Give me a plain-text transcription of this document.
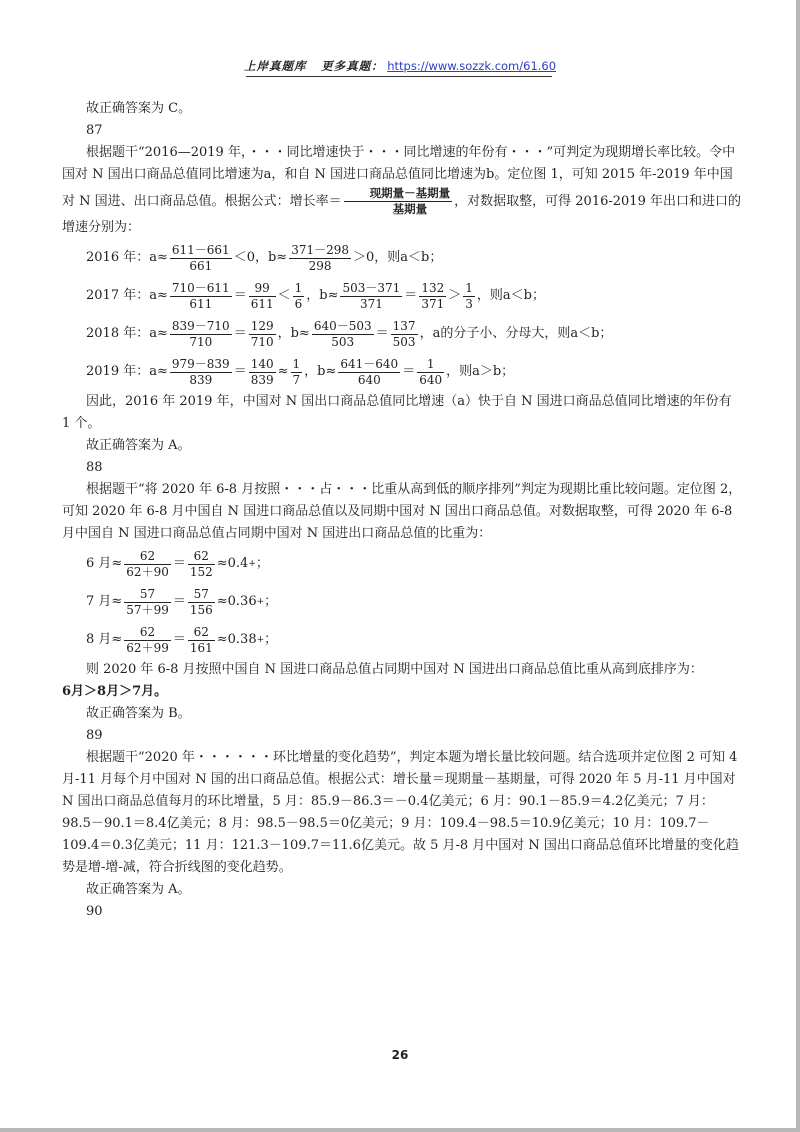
上岸真题库 更多真题： https://www.sozzk.com/61.60

故正确答案为 C。

87

根据题干“2016—2019 年，・・・同比增速快于・・・同比增速的年份有・・・”可判定为现期增长率比较。令中国对 N 国出口商品总值同比增速为a，和自 N 国进口商品总值同比增速为b。定位图 1，可知 2015 年-2019 年中国对 N 国进、出口商品总值。根据公式：增长率＝ $\frac{\text{现期量－基期量}}{\text{基期量}}$ ，对数据取整，可得 2016-2019 年出口和进口的增速分别为：

2016 年：$a\approx \frac{611-661}{661} <0$，$b\approx \frac{371-298}{298} >0$，则a＜b；
2017 年：$a\approx \frac{710-611}{611} = \frac{99}{611} < \frac{1}{6}$ ，$b\approx \frac{503-371}{371} = \frac{132}{371} > \frac{1}{3}$ ，则a＜b；
2018 年：$a\approx \frac{839-710}{710} = \frac{129}{710}$ ，$b\approx \frac{640-503}{503} = \frac{137}{503}$ ，a的分子小、分母大，则a＜b；
2019 年：$a\approx \frac{979-839}{839} = \frac{140}{839} \approx \frac{1}{7}$ ，$b\approx \frac{641-640}{640} = \frac{1}{640}$ ，则a＞b；

因此，2016 年 2019 年，中国对 N 国出口商品总值同比增速（a）快于自 N 国进口商品总值同比增速的年份有 1 个。

故正确答案为 A。

88

根据题干“将 2020 年 6-8 月按照・・・占・・・比重从高到低的顺序排列”判定为现期比重比较问题。定位图 2，可知 2020 年 6-8 月中国自 N 国进口商品总值以及同期中国对 N 国出口商品总值。对数据取整，可得 2020 年 6-8 月中国自 N 国进口商品总值占同期中国对 N 国进出口商品总值的比重为：

6 月≈ $\frac{62}{62+90} = \frac{62}{152} \approx 0.4$ + ；
7 月≈ $\frac{57}{57+99} = \frac{57}{156} \approx 0.36$ + ；
8 月≈ $\frac{62}{62+99} = \frac{62}{161} \approx 0.38$ + ；

则 2020 年 6-8 月按照中国自 N 国进口商品总值占同期中国对 N 国进出口商品总值比重从高到底排序为：

6月＞8月＞7月。

故正确答案为 B。

89

根据题干“2020 年・・・・・・环比增量的变化趋势”，判定本题为增长量比较问题。结合选项并定位图 2 可知 4 月-11 月每个月中国对 N 国的出口商品总值。根据公式：增长量＝现期量－基期量，可得 2020 年 5 月-11 月中国对 N 国出口商品总值每月的环比增量，5 月：85.9－86.3＝－0.4亿美元；6 月：90.1－85.9＝4.2亿美元；7 月：98.5－90.1＝8.4亿美元；8 月：98.5－98.5＝0亿美元；9 月：109.4－98.5＝10.9亿美元；10 月：109.7－109.4＝0.3亿美元；11 月：121.3－109.7＝11.6亿美元。故 5 月-8 月中国对 N 国出口商品总值环比增量的变化趋势是增-增-减，符合折线图的变化趋势。

故正确答案为 A。

90

26
